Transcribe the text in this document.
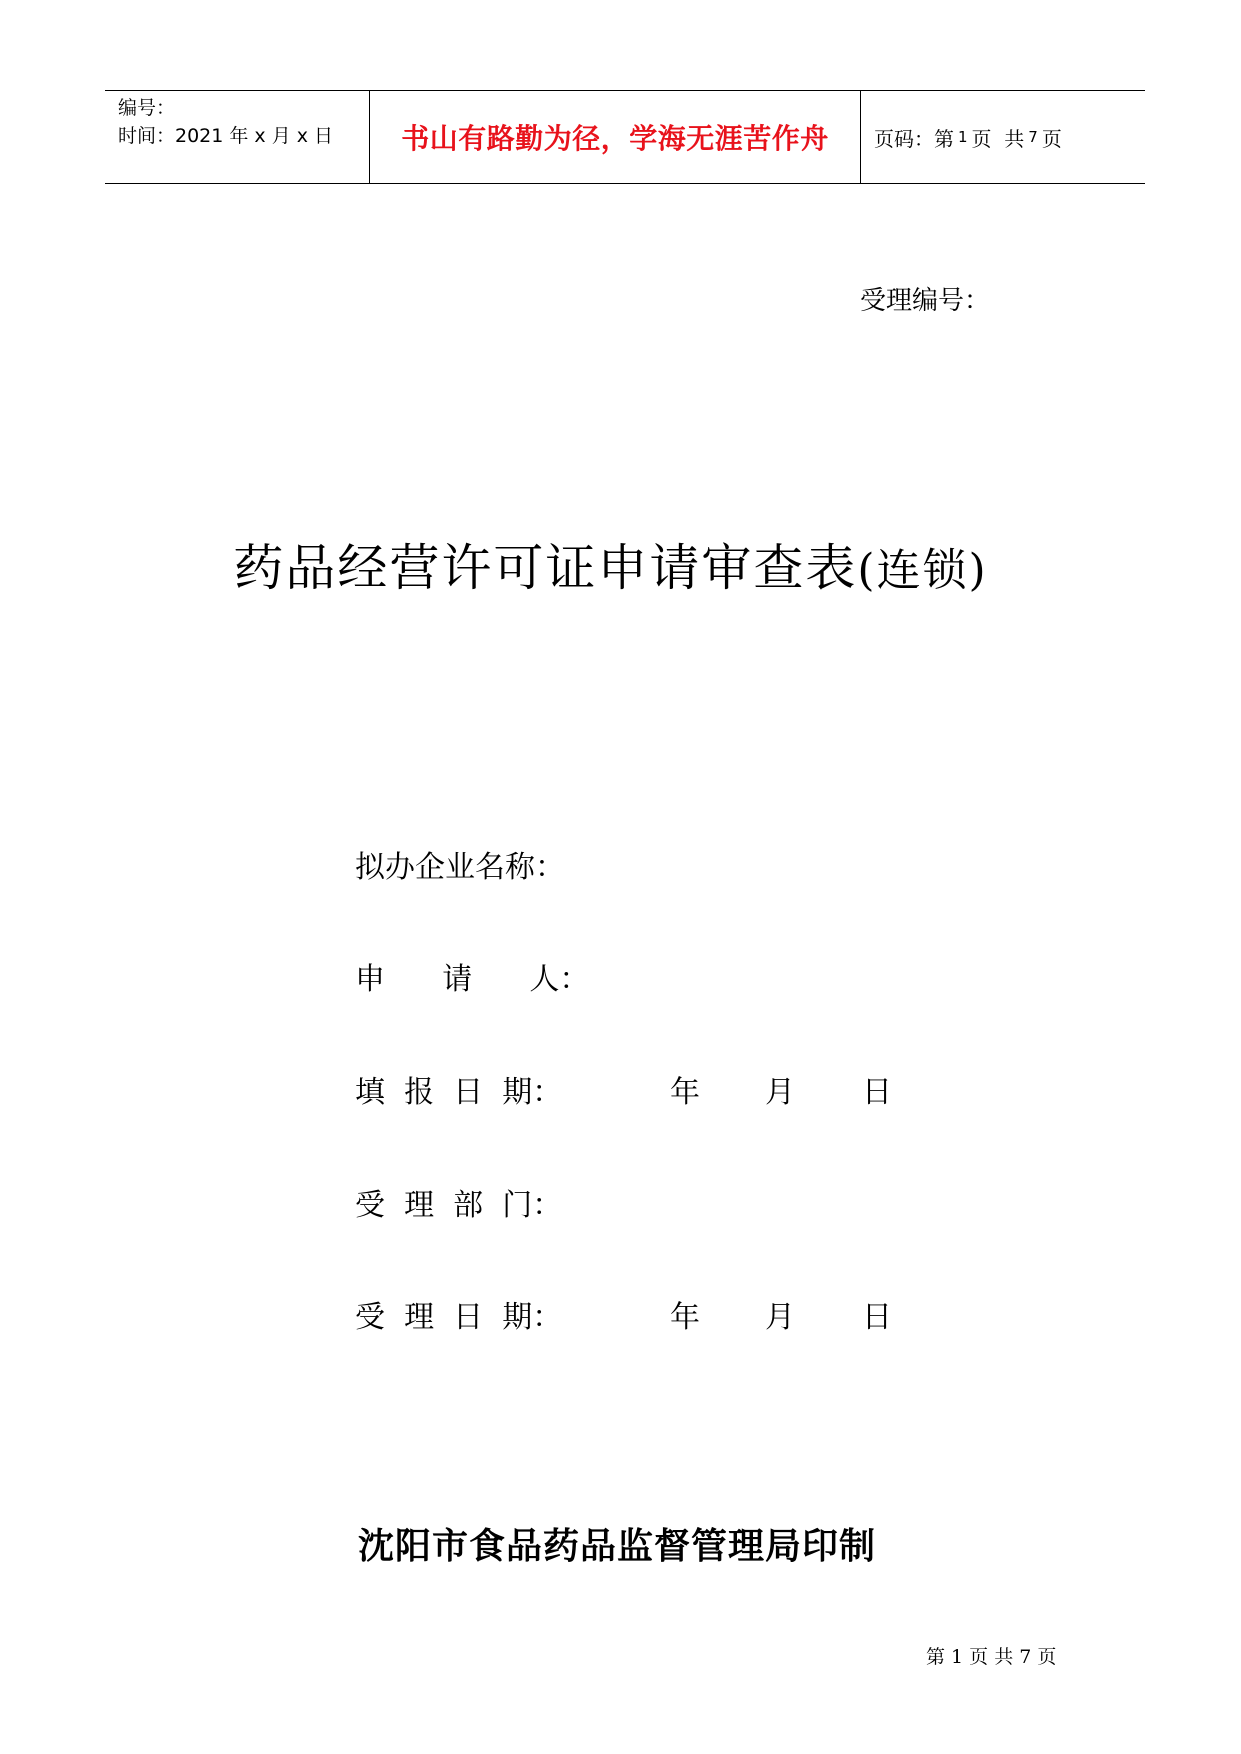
编号：
时间：2021 年 x 月 x 日	书山有路勤为径，学海无涯苦作舟 页码：第 1 页  共 7 页
受理编号：
药品经营许可证申请审查表(连锁)
拟办企业名称：
申      请      人：
填  报  日  期：	年 月 日
受  理  部  门：
受  理  日  期：	年 月 日
沈阳市食品药品监督管理局印制
第 1 页 共 7 页
